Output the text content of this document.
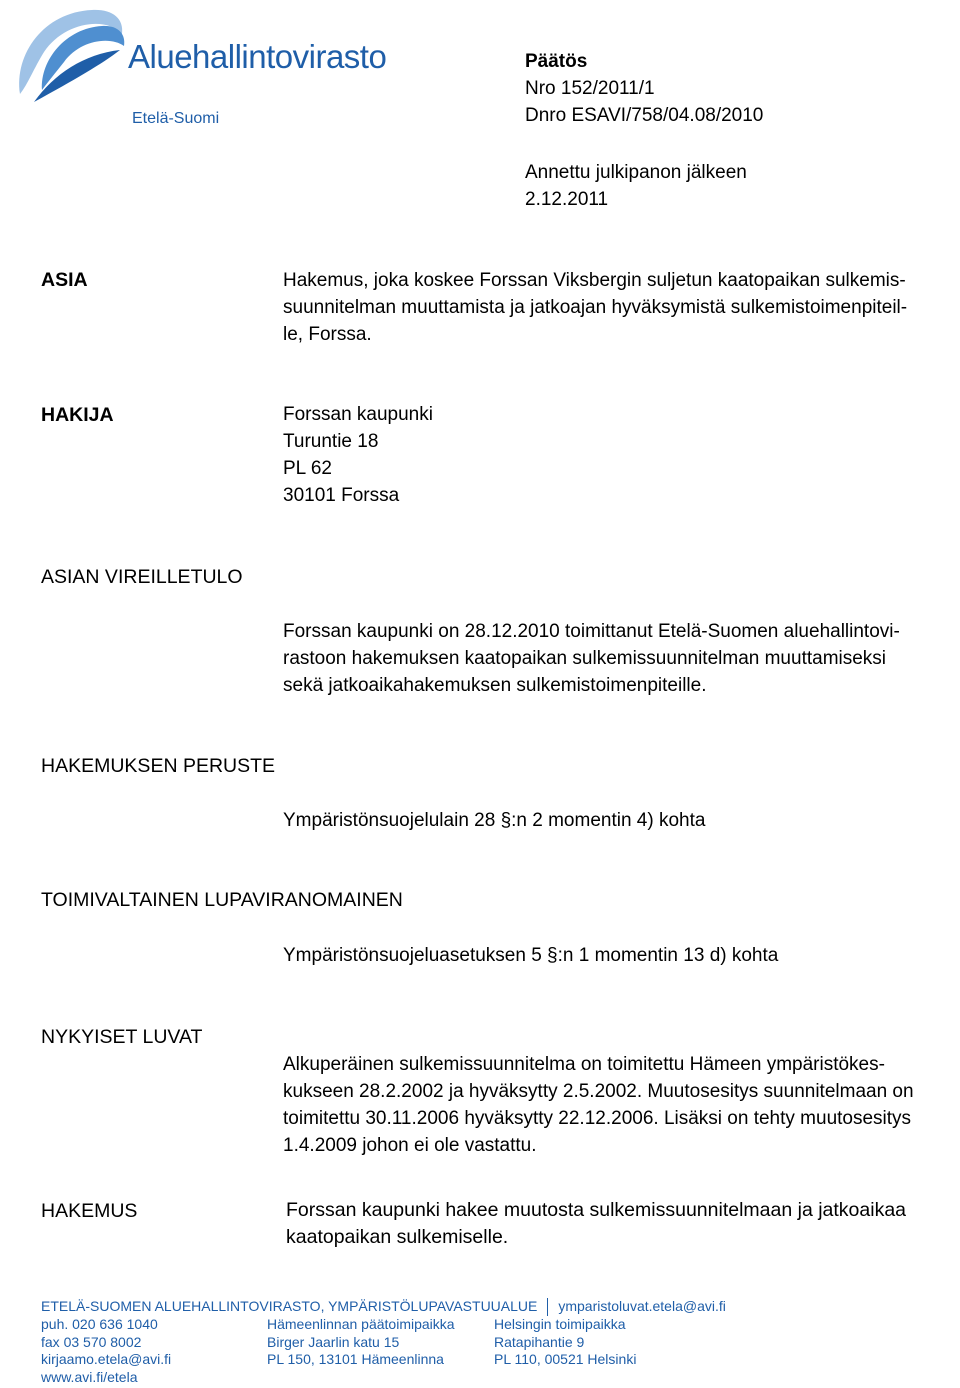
Aluehallintovirasto
Etelä-Suomi
Päätös
Nro 152/2011/1
Dnro ESAVI/758/04.08/2010
Annettu julkipanon jälkeen
2.12.2011
ASIA	Hakemus, joka koskee Forssan Viksbergin suljetun kaatopaikan sulkemis-
suunnitelman muuttamista ja jatkoajan hyväksymistä sulkemistoimenpiteil-
le, Forssa.
HAKIJA	Forssan kaupunki
Turuntie 18
PL 62
30101 Forssa
ASIAN VIREILLETULO
Forssan kaupunki on 28.12.2010 toimittanut Etelä-Suomen aluehallintovi-
rastoon hakemuksen kaatopaikan sulkemissuunnitelman muuttamiseksi
sekä jatkoaikahakemuksen sulkemistoimenpiteille.
HAKEMUKSEN PERUSTE
Ympäristönsuojelulain 28 §:n 2 momentin 4) kohta
TOIMIVALTAINEN LUPAVIRANOMAINEN
Ympäristönsuojeluasetuksen 5 §:n 1 momentin 13 d) kohta
NYKYISET LUVAT
Alkuperäinen sulkemissuunnitelma on toimitettu Hämeen ympäristökes-
kukseen 28.2.2002 ja hyväksytty 2.5.2002. Muutosesitys suunnitelmaan on
toimitettu 30.11.2006 hyväksytty 22.12.2006. Lisäksi on tehty muutosesitys
1.4.2009 johon ei ole vastattu.
HAKEMUS	Forssan kaupunki hakee muutosta sulkemissuunnitelmaan ja jatkoaikaa
kaatopaikan sulkemiselle.
ETELÄ-SUOMEN ALUEHALLINTOVIRASTO, YMPÄRISTÖLUPAVASTUUALUE ymparistoluvat.etela@avi.fi
puh. 020 636 1040
fax 03 570 8002
kirjaamo.etela@avi.fi
www.avi.fi/etela
Hämeenlinnan päätoimipaikka
Birger Jaarlin katu 15
PL 150, 13101 Hämeenlinna
Helsingin toimipaikka
Ratapihantie 9
PL 110, 00521 Helsinki
